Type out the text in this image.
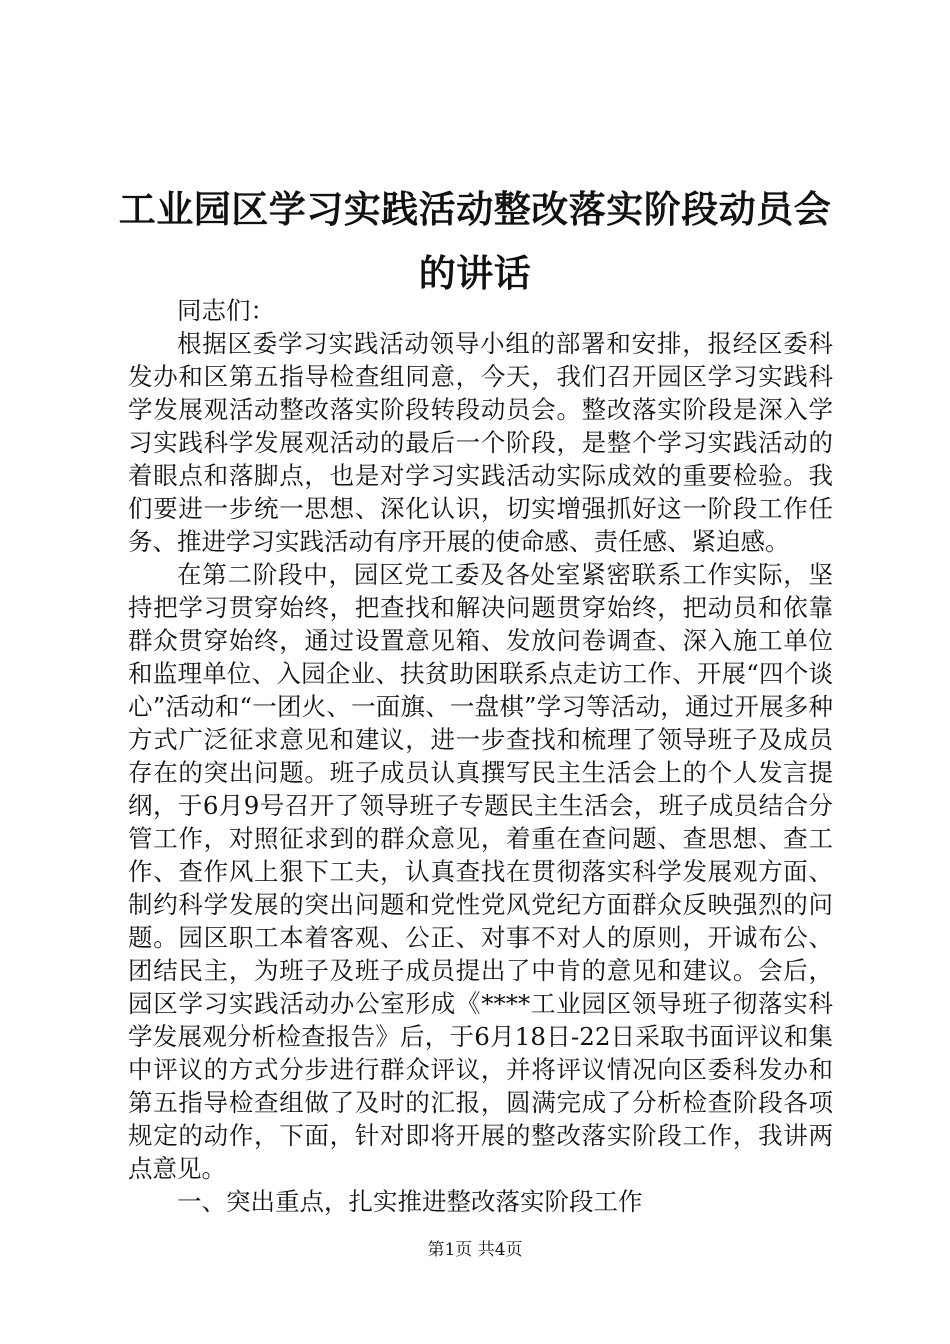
工业园区学习实践活动整改落实阶段动员会的讲话

同志们：

根据区委学习实践活动领导小组的部署和安排，报经区委科发办和区第五指导检查组同意，今天，我们召开园区学习实践科学发展观活动整改落实阶段转段动员会。整改落实阶段是深入学习实践科学发展观活动的最后一个阶段，是整个学习实践活动的着眼点和落脚点，也是对学习实践活动实际成效的重要检验。我们要进一步统一思想、深化认识，切实增强抓好这一阶段工作任务、推进学习实践活动有序开展的使命感、责任感、紧迫感。

在第二阶段中，园区党工委及各处室紧密联系工作实际，坚持把学习贯穿始终，把查找和解决问题贯穿始终，把动员和依靠群众贯穿始终，通过设置意见箱、发放问卷调查、深入施工单位和监理单位、入园企业、扶贫助困联系点走访工作、开展“四个谈心”活动和“一团火、一面旗、一盘棋”学习等活动，通过开展多种方式广泛征求意见和建议，进一步查找和梳理了领导班子及成员存在的突出问题。班子成员认真撰写民主生活会上的个人发言提纲，于6月9号召开了领导班子专题民主生活会，班子成员结合分管工作，对照征求到的群众意见，着重在查问题、查思想、查工作、查作风上狠下工夫，认真查找在贯彻落实科学发展观方面、制约科学发展的突出问题和党性党风党纪方面群众反映强烈的问题。园区职工本着客观、公正、对事不对人的原则，开诚布公、团结民主，为班子及班子成员提出了中肯的意见和建议。会后，园区学习实践活动办公室形成《****工业园区领导班子彻落实科学发展观分析检查报告》后，于6月18日-22日采取书面评议和集中评议的方式分步进行群众评议，并将评议情况向区委科发办和第五指导检查组做了及时的汇报，圆满完成了分析检查阶段各项规定的动作，下面，针对即将开展的整改落实阶段工作，我讲两点意见。

一、突出重点，扎实推进整改落实阶段工作

第1页 共4页
